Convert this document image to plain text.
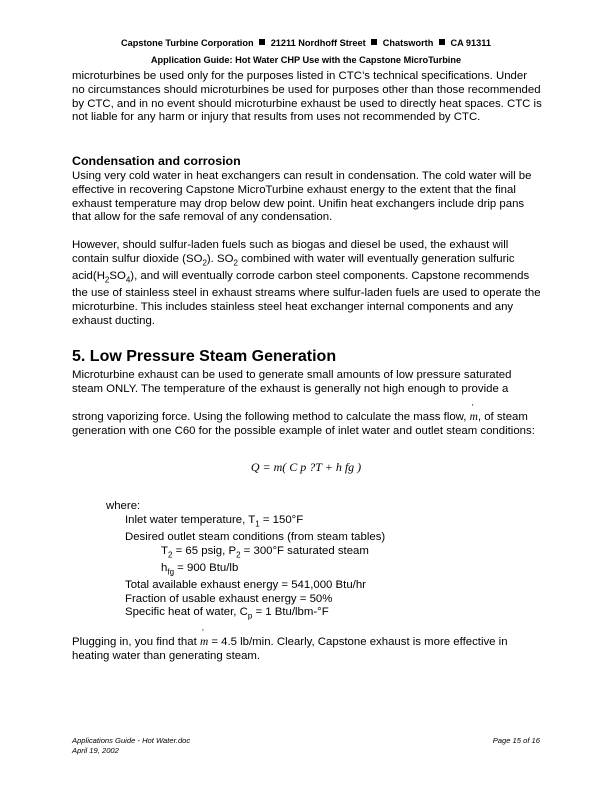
Capstone Turbine Corporation 21211 Nordhoff Street Chatsworth CA 91311
Application Guide: Hot Water CHP Use with the Capstone MicroTurbine
microturbines be used only for the purposes listed in CTC’s technical specifications. Under no circumstances should microturbines be used for purposes other than those recommended by CTC, and in no event should microturbine exhaust be used to directly heat spaces. CTC is not liable for any harm or injury that results from uses not recommended by CTC.
Condensation and corrosion
Using very cold water in heat exchangers can result in condensation. The cold water will be effective in recovering Capstone MicroTurbine exhaust energy to the extent that the final exhaust temperature may drop below dew point. Unifin heat exchangers include drip pans that allow for the safe removal of any condensation.
However, should sulfur-laden fuels such as biogas and diesel be used, the exhaust will contain sulfur dioxide $(SO_2)$. $SO_2$ combined with water will eventually generation sulfuric $acid(H_2SO_4)$, and will eventually corrode carbon steel components. Capstone recommends the use of stainless steel in exhaust streams where sulfur-laden fuels are used to operate the microturbine. This includes stainless steel heat exchanger internal components and any exhaust ducting.
5. Low Pressure Steam Generation
Microturbine exhaust can be used to generate small amounts of low pressure saturated steam ONLY. The temperature of the exhaust is generally not high enough to provide a
strong vaporizing force. Using the following method to calculate the mass flow, m ˙, of steam generation with one C60 for the possible example of inlet water and outlet steam conditions:
Q = m( C p ?T + h fg )
where:
Inlet water temperature, $T_1 = 150^\circ F$
Desired outlet steam conditions (from steam tables)
$T_2 = 65$ psig, $P_2 = 300^\circ F$ saturated steam
$h_{fg} = 900$ Btu/lb
Total available exhaust energy = 541,000 Btu/hr
Fraction of usable exhaust energy = 50%
Specific heat of water, $C_p = 1$ Btu/lbm-°F
Plugging in, you find that m ˙ = 4.5 lb/min. Clearly, Capstone exhaust is more effective in heating water than generating steam.
Applications Guide - Hot Water.doc
April 19, 2002
Page 15 of 16
